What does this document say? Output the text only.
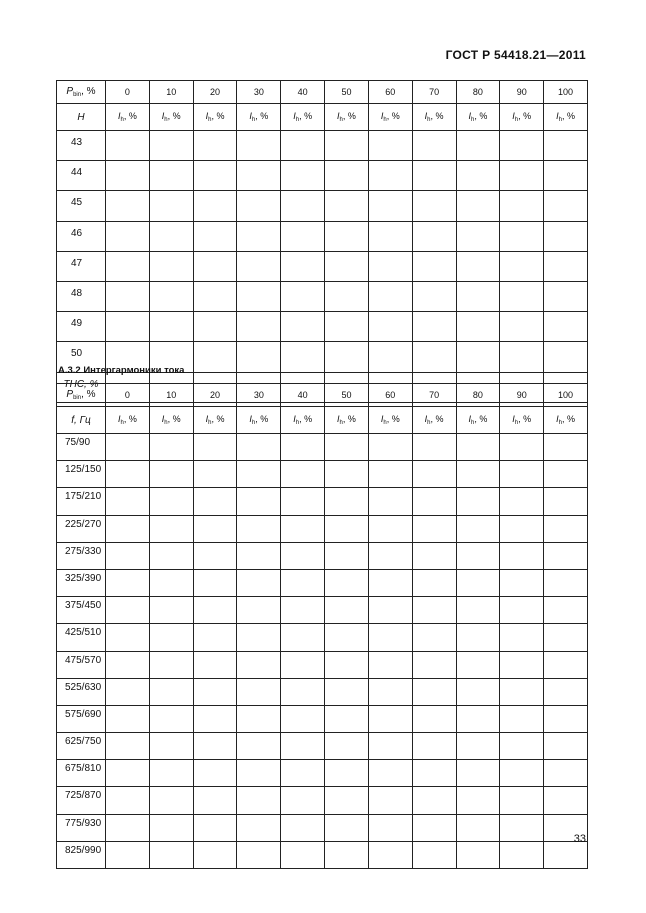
ГОСТ Р 54418.21—2011
$P_{bin}$, %	0	10	20	30	40	50	60	70	80	90	100
H	$I_h$, %	$I_h$, %	$I_h$, %	$I_h$, %	$I_h$, %	$I_h$, %	$I_h$, %	$I_h$, %	$I_h$, %	$I_h$, %	$I_h$, %
43											
44											
45											
46											
47											
48											
49											
50											
THC, %											
А.3.2 Интергармоники тока
$P_{bin}$, %	0	10	20	30	40	50	60	70	80	90	100
f, Гц	$I_h$, %	$I_h$, %	$I_h$, %	$I_h$, %	$I_h$, %	$I_h$, %	$I_h$, %	$I_h$, %	$I_h$, %	$I_h$, %	$I_h$, %
75/90											
125/150											
175/210											
225/270											
275/330											
325/390											
375/450											
425/510											
475/570											
525/630											
575/690											
625/750											
675/810											
725/870											
775/930											
825/990											
33
